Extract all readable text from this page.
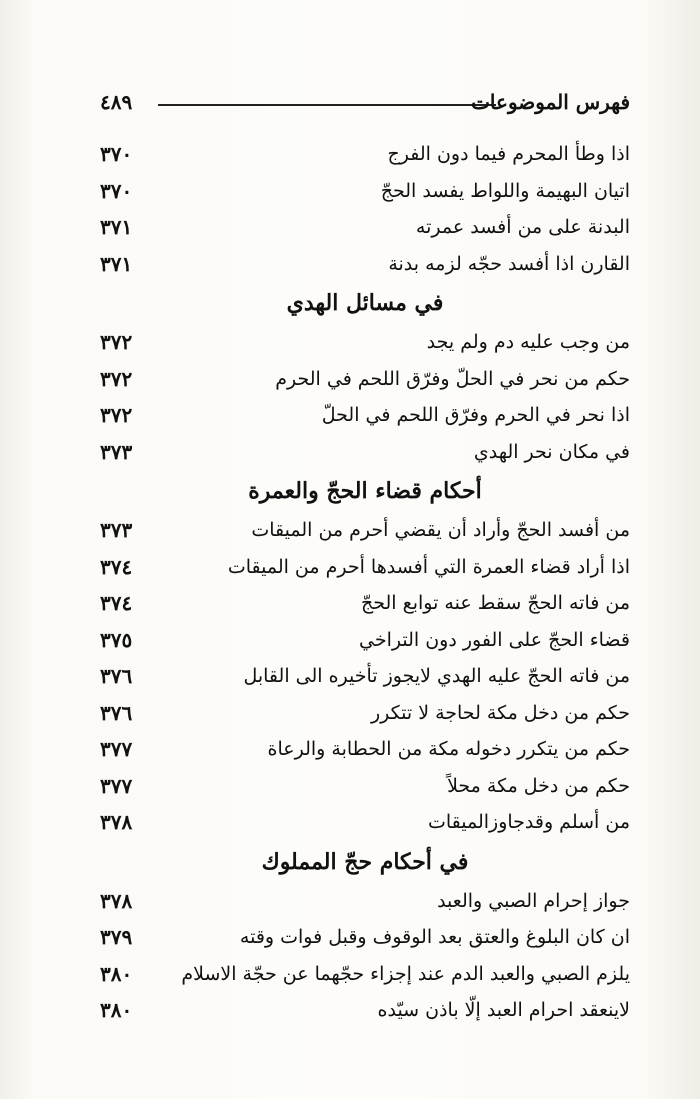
٤٨٩	فهرس الموضوعات
اذا وطأ المحرم فيما دون الفرج
٣٧٠
اتيان البهيمة واللواط يفسد الحجّ
٣٧٠
البدنة على من أفسد عمرته
٣٧١
القارن اذا أفسد حجّه لزمه بدنة
٣٧١
في مسائل الهدي
من وجب عليه دم ولم يجد
٣٧٢
حكم من نحر في الحلّ وفرّق اللحم في الحرم
٣٧٢
اذا نحر في الحرم وفرّق اللحم في الحلّ
٣٧٢
في مكان نحر الهدي
٣٧٣
أحكام قضاء الحجّ والعمرة
من أفسد الحجّ وأراد أن يقضي أحرم من الميقات
٣٧٣
اذا أراد قضاء العمرة التي أفسدها أحرم من الميقات
٣٧٤
من فاته الحجّ سقط عنه توابع الحجّ
٣٧٤
قضاء الحجّ على الفور دون التراخي
٣٧٥
من فاته الحجّ عليه الهدي لايجوز تأخيره الى القابل
٣٧٦
حكم من دخل مكة لحاجة لا تتكرر
٣٧٦
حكم من يتكرر دخوله مكة من الحطابة والرعاة
٣٧٧
حكم من دخل مكة محلاً
٣٧٧
من أسلم وقدجاوزالميقات
٣٧٨
في أحكام حجّ المملوك
جواز إحرام الصبي والعبد
٣٧٨
ان كان البلوغ والعتق بعد الوقوف وقبل فوات وقته
٣٧٩
يلزم الصبي والعبد الدم عند إجزاء حجّهما عن حجّة الاسلام
٣٨٠
لاينعقد احرام العبد إلّا باذن سيّده
٣٨٠
